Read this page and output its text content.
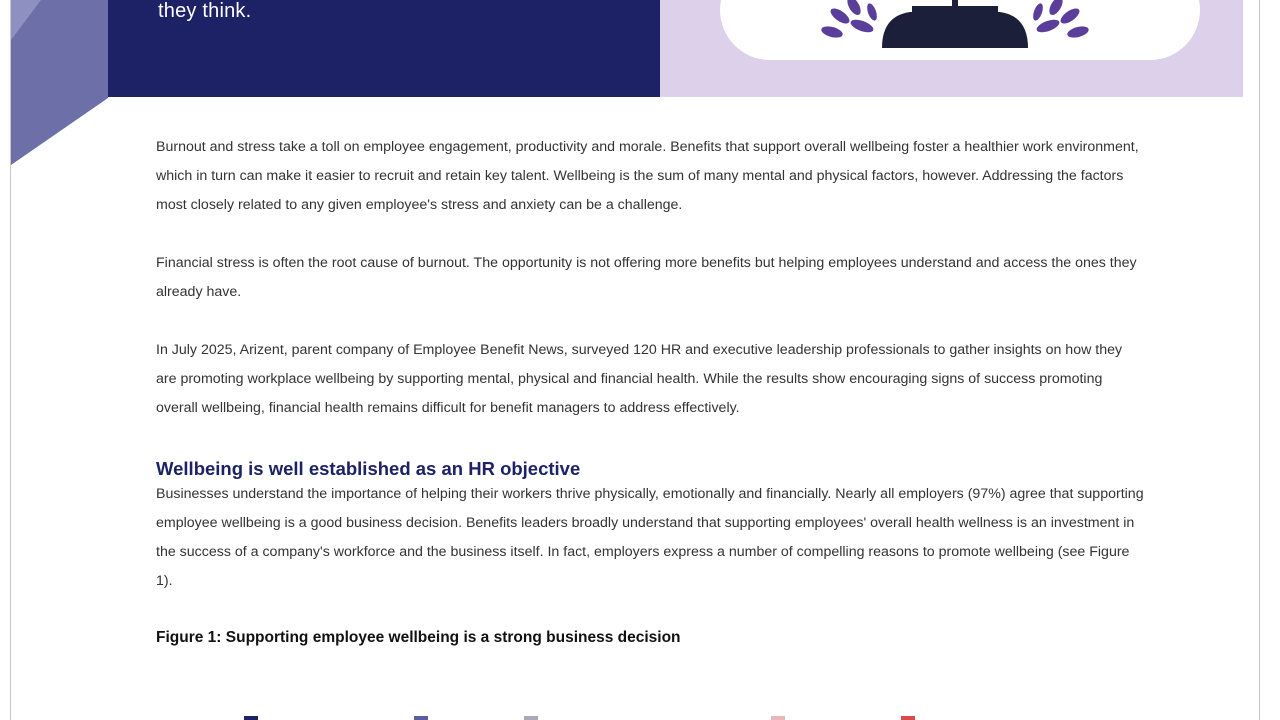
they think.

Burnout and stress take a toll on employee engagement, productivity and morale. Benefits that support overall wellbeing foster a healthier work environment, which in turn can make it easier to recruit and retain key talent. Wellbeing is the sum of many mental and physical factors, however. Addressing the factors most closely related to any given employee's stress and anxiety can be a challenge.

Financial stress is often the root cause of burnout. The opportunity is not offering more benefits but helping employees understand and access the ones they already have.

In July 2025, Arizent, parent company of Employee Benefit News, surveyed 120 HR and executive leadership professionals to gather insights on how they are promoting workplace wellbeing by supporting mental, physical and financial health. While the results show encouraging signs of success promoting overall wellbeing, financial health remains difficult for benefit managers to address effectively.

Wellbeing is well established as an HR objective

Businesses understand the importance of helping their workers thrive physically, emotionally and financially. Nearly all employers (97%) agree that supporting employee wellbeing is a good business decision. Benefits leaders broadly understand that supporting employees' overall health wellness is an investment in the success of a company's workforce and the business itself. In fact, employers express a number of compelling reasons to promote wellbeing (see Figure 1).

Figure 1: Supporting employee wellbeing is a strong business decision
